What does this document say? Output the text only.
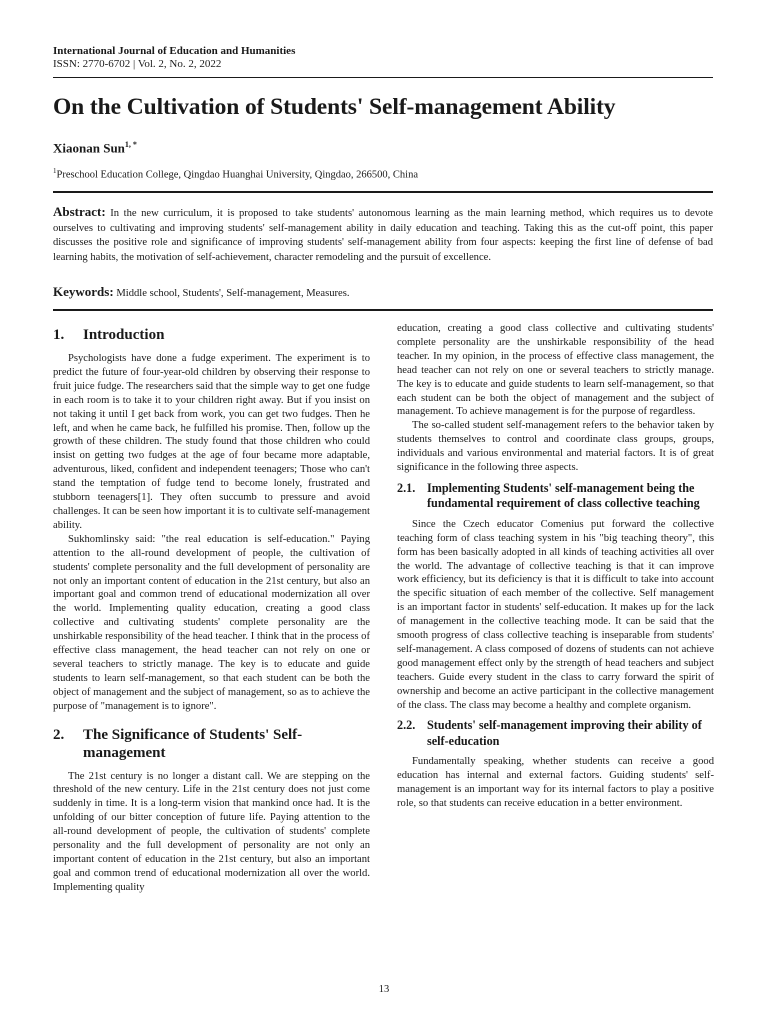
International Journal of Education and Humanities
ISSN: 2770-6702 | Vol. 2, No. 2, 2022
On the Cultivation of Students' Self-management Ability
Xiaonan Sun$^{1, *}$
$^1$Preschool Education College, Qingdao Huanghai University, Qingdao, 266500, China
Abstract: In the new curriculum, it is proposed to take students' autonomous learning as the main learning method, which requires us to devote ourselves to cultivating and improving students' self-management ability in daily education and teaching. Taking this as the cut-off point, this paper discusses the positive role and significance of improving students' self-management ability from four aspects: keeping the first line of defense of bad learning habits, the motivation of self-achievement, character remodeling and the pursuit of excellence.
Keywords: Middle school, Students', Self-management, Measures.
1.	Introduction

Psychologists have done a fudge experiment. The experiment is to predict the future of four-year-old children by observing their response to fruit juice fudge. The researchers said that the simple way to get one fudge in each room is to take it to your children right away. But if you insist on not taking it until I get back from work, you can get two fudges. Then he left, and when he came back, he fulfilled his promise. Then, follow up the growth of these children. The study found that those children who could insist on getting two fudges at the age of four became more adaptable, adventurous, liked, confident and independent teenagers; Those who can't stand the temptation of fudge tend to become lonely, frustrated and stubborn teenagers[1]. They often succumb to pressure and avoid challenges. It can be seen how important it is to cultivate self-management ability.

Sukhomlinsky said: "the real education is self-education." Paying attention to the all-round development of people, the cultivation of students' complete personality and the full development of personality are not only an important content of education in the 21st century, but also an important goal and common trend of educational modernization all over the world. Implementing quality education, creating a good class collective and cultivating students' complete personality are the unshirkable responsibility of the head teacher. I think that in the process of effective class management, the head teacher can not rely on one or several teachers to strictly manage. The key is to educate and guide students to learn self-management, so that each student can be both the object of management and the subject of management, so as to achieve the purpose of "management is to ignore".

2.	The Significance of Students' Self-management

The 21st century is no longer a distant call. We are stepping on the threshold of the new century. Life in the 21st century does not just come suddenly in time. It is a long-term vision that mankind once had. It is the unfolding of our bitter conception of future life. Paying attention to the all-round development of people, the cultivation of students' complete personality and the full development of personality are not only an important content of education in the 21st century, but also an important goal and common trend of educational modernization all over the world. Implementing quality

education, creating a good class collective and cultivating students' complete personality are the unshirkable responsibility of the head teacher. In my opinion, in the process of effective class management, the head teacher can not rely on one or several teachers to strictly manage. The key is to educate and guide students to learn self-management, so that each student can be both the object of management and the subject of management. To achieve management is for the purpose of regardless.

The so-called student self-management refers to the behavior taken by students themselves to control and coordinate class groups, groups, individuals and various environmental and material factors. It is of great significance in the following three aspects.

2.1. Implementing Students' self-management being the fundamental requirement of class collective teaching

Since the Czech educator Comenius put forward the collective teaching form of class teaching system in his "big teaching theory", this form has been basically adopted in all kinds of teaching activities all over the world. The advantage of collective teaching is that it can improve work efficiency, but its deficiency is that it is difficult to take into account the specific situation of each member of the collective. Self management is an important factor in students' self-education. It makes up for the lack of management in the collective teaching mode. It can be said that the smooth progress of class collective teaching is inseparable from students' self-management. A class composed of dozens of students can not achieve good management effect only by the strength of head teachers and subject teachers. Guide every student in the class to carry forward the spirit of ownership and become an active participant in the collective management of the class. The class may become a healthy and complete organism.

2.2. Students' self-management improving their ability of self-education

Fundamentally speaking, whether students can receive a good education has internal and external factors. Guiding students' self-management is an important way for its internal factors to play a positive role, so that students can receive education in a better environment.

13
